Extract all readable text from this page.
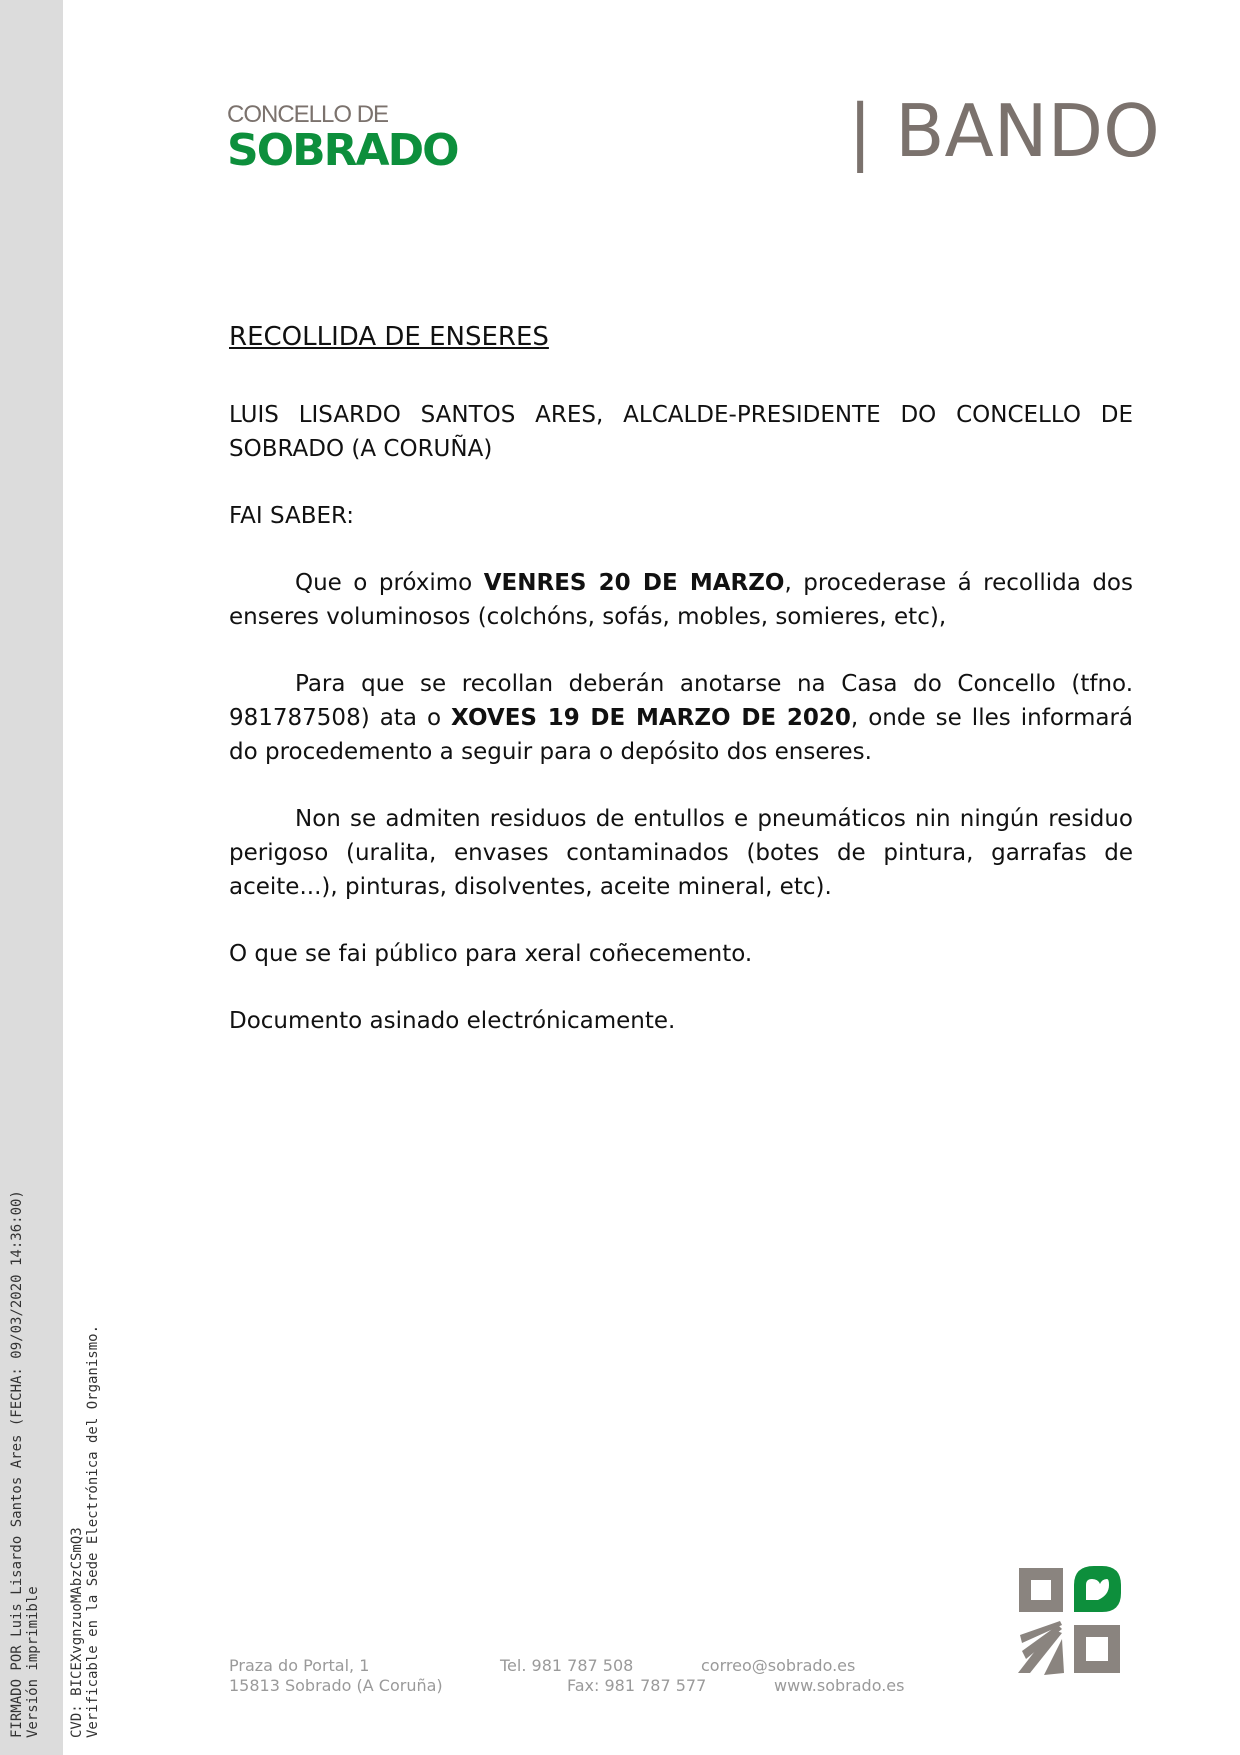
FIRMADO POR Luis Lisardo Santos Ares (FECHA: 09/03/2020 14:36:00) Versión imprimible CVD: BICEXvgnzuoMAbzCSmQ3 Verificable en la Sede Electrónica del Organismo.
CONCELLO DE
SOBRADO	| BANDO
RECOLLIDA DE ENSERES
LUIS LISARDO SANTOS ARES, ALCALDE-PRESIDENTE DO CONCELLO DE SOBRADO (A CORUÑA)
FAI SABER:
Que o próximo VENRES 20 DE MARZO, procederase á recollida dos enseres voluminosos (colchóns, sofás, mobles, somieres, etc),
Para que se recollan deberán anotarse na Casa do Concello (tfno. 981787508) ata o XOVES 19 DE MARZO DE 2020, onde se lles informará do procedemento a seguir para o depósito dos enseres.
Non se admiten residuos de entullos e pneumáticos nin ningún residuo perigoso (uralita, envases contaminados (botes de pintura, garrafas de aceite...), pinturas, disolventes, aceite mineral, etc).
O que se fai público para xeral coñecemento.
Documento asinado electrónicamente.
Praza do Portal, 1
15813 Sobrado (A Coruña)
Tel. 981 787 508
Fax: 981 787 577
correo@sobrado.es
www.sobrado.es
